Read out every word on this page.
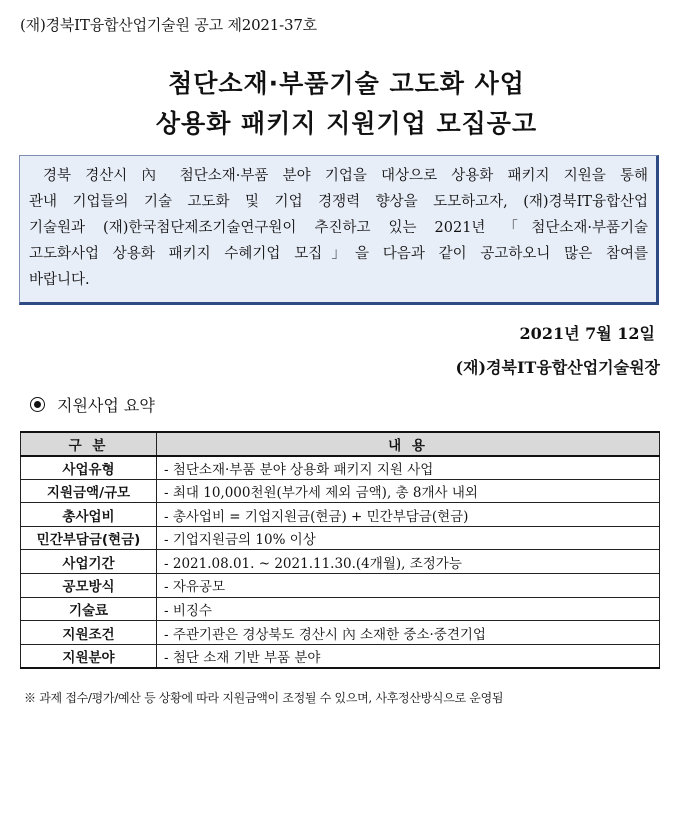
(재)경북IT융합산업기술원 공고 제2021-37호
첨단소재·부품기술 고도화 사업
상용화 패키지 지원기업 모집공고
경북 경산시 內 첨단소재·부품 분야 기업을 대상으로 상용화 패키지 지원을 통해
관내 기업들의 기술 고도화 및 기업 경쟁력 향상을 도모하고자, (재)경북IT융합산업
기술원과 (재)한국첨단제조기술연구원이 추진하고 있는 2021년 「첨단소재·부품기술
고도화사업 상용화 패키지 수혜기업 모집」을 다음과 같이 공고하오니 많은 참여를
바랍니다.
2021년 7월 12일
(재)경북IT융합산업기술원장
지원사업 요약
구 분	내 용
사업유형	- 첨단소재·부품 분야 상용화 패키지 지원 사업
지원금액/규모	- 최대 10,000천원(부가세 제외 금액), 총 8개사 내외
총사업비	- 총사업비 = 기업지원금(현금) + 민간부담금(현금)
민간부담금(현금)	- 기업지원금의 10% 이상
사업기간	- 2021.08.01. ~ 2021.11.30.(4개월), 조정가능
공모방식	- 자유공모
기술료	- 비징수
지원조건	- 주관기관은 경상북도 경산시 內 소재한 중소·중견기업
지원분야	- 첨단 소재 기반 부품 분야
※ 과제 접수/평가/예산 등 상황에 따라 지원금액이 조정될 수 있으며, 사후정산방식으로 운영됨
